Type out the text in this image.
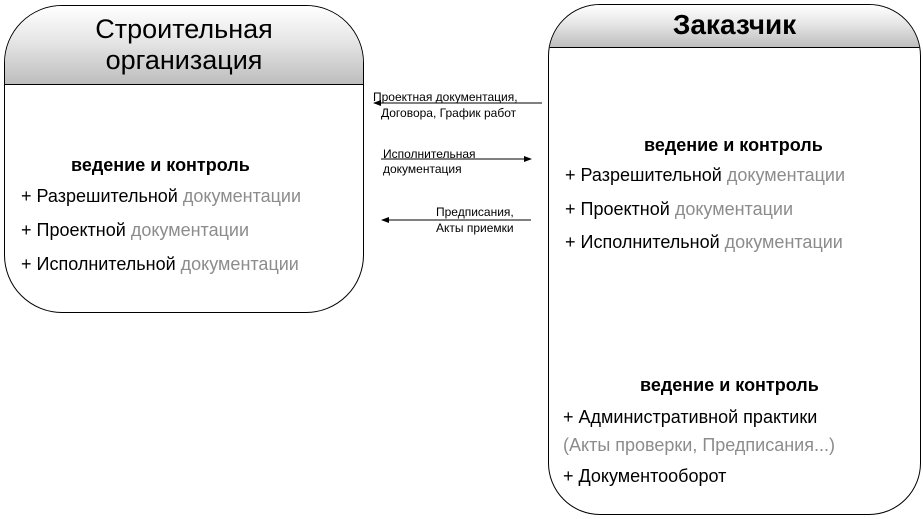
Строительная
организация
ведение и контроль
+ Разрешительной документации
+ Проектной документации
+ Исполнительной документации
Заказчик
ведение и контроль
+ Разрешительной документации
+ Проектной документации
+ Исполнительной документации
ведение и контроль
+ Административной практики
(Акты проверки, Предписания...)
+ Документооборот
Проектная документация,
Договора, График работ
Исполнительная
документация
Предписания,
Акты приемки
